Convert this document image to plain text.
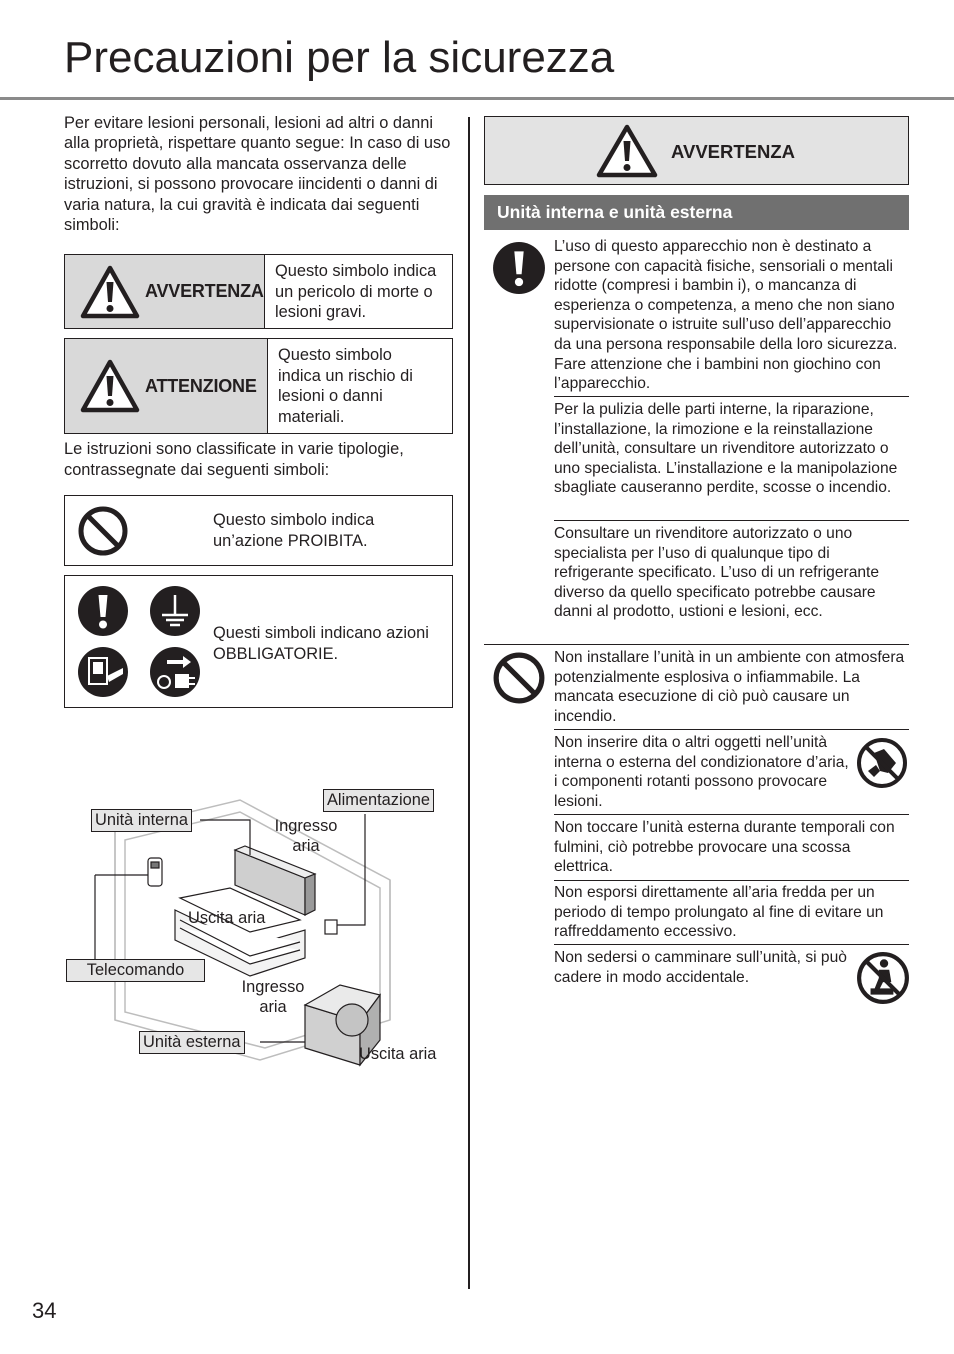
Precauzioni per la sicurezza
Per evitare lesioni personali, lesioni ad altri o danni alla proprietà, rispettare quanto segue: In caso di uso scorretto dovuto alla mancata osservanza delle istruzioni, si possono provocare iincidenti o danni di varia natura, la cui gravità è indicata dai seguenti simboli:
AVVERTENZA
Questo simbolo indica un pericolo di morte o lesioni gravi.
ATTENZIONE
Questo simbolo indica un rischio di lesioni o danni materiali.
Le istruzioni sono classificate in varie tipologie, contrassegnate dai seguenti simboli:
Questo simbolo indica un’azione PROIBITA.
Questi simboli indicano azioni OBBLIGATORIE.
Unità interna
Alimentazione
Ingresso aria
Uscita aria
Telecomando
Ingresso aria
Unità esterna
Uscita aria
AVVERTENZA
Unità interna e unità esterna
L’uso di questo apparecchio non è destinato a persone con capacità fisiche, sensoriali o mentali ridotte (compresi i bambin i), o mancanza di esperienza o competenza, a meno che non siano supervisionate o istruite sull’uso dell’apparecchio da una persona responsabile della loro sicurezza. Fare attenzione che i bambini non giochino con l’apparecchio.
Per la pulizia delle parti interne, la riparazione, l’installazione, la rimozione e la reinstallazione dell’unità, consultare un rivenditore autorizzato o uno specialista. L’installazione e la manipolazione sbagliate causeranno perdite, scosse o incendio.
Consultare un rivenditore autorizzato o uno specialista per l’uso di qualunque tipo di refrigerante specificato. L’uso di un refrigerante diverso da quello specificato potrebbe causare danni al prodotto, ustioni e lesioni, ecc.
Non installare l’unità in un ambiente con atmosfera potenzialmente esplosiva o infiammabile. La mancata esecuzione di ciò può causare un incendio.
Non inserire dita o altri oggetti nell’unità interna o esterna del condizionatore d’aria, i componenti rotanti possono provocare lesioni.
Non toccare l’unità esterna durante temporali con fulmini, ciò potrebbe provocare una scossa elettrica.
Non esporsi direttamente all’aria fredda per un periodo di tempo prolungato al fine di evitare un raffreddamento eccessivo.
Non sedersi o camminare sull’unità, si può cadere in modo accidentale.
34
